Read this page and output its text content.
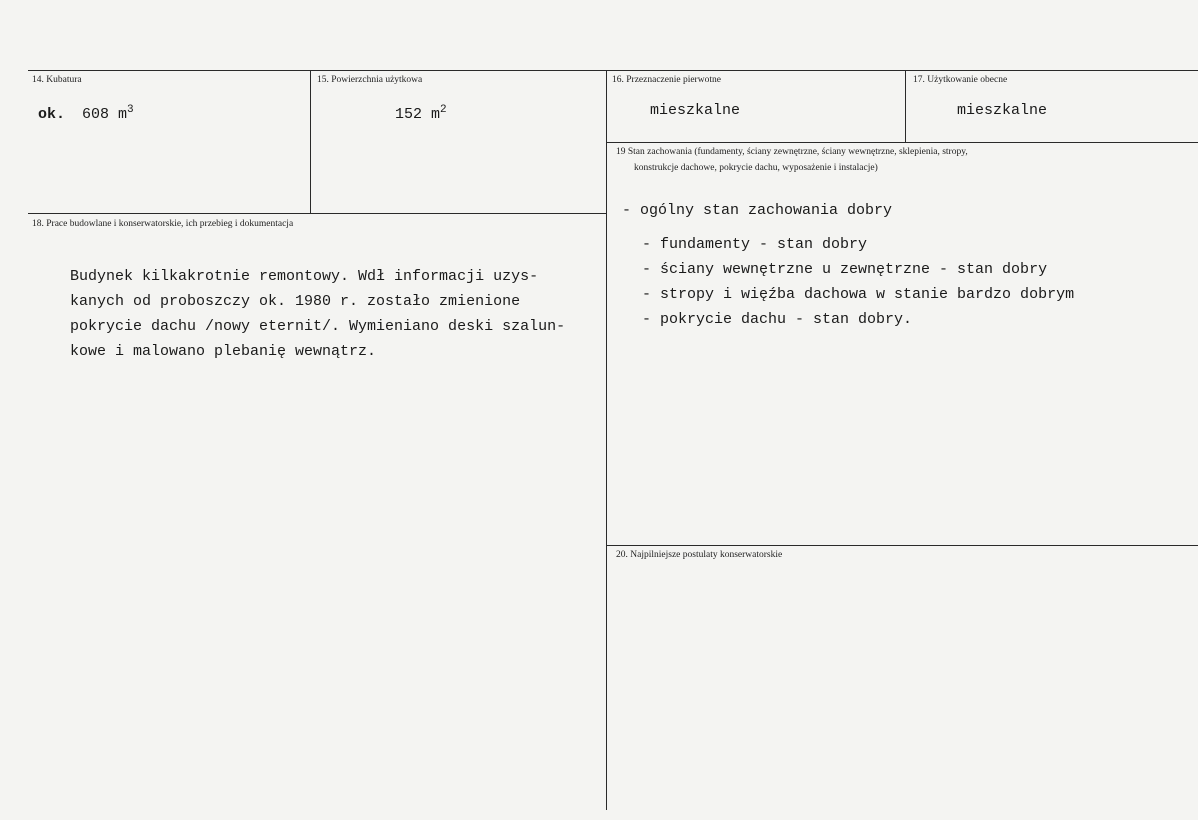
14. Kubatura
ok. 608 $m^3$
15. Powierzchnia użytkowa
152 $m^2$
16. Przeznaczenie pierwotne
mieszkalne
17. Użytkowanie obecne
mieszkalne
18. Prace budowlane i konserwatorskie, ich przebieg i dokumentacja

Budynek kilkakrotnie remontowy. Wdł informacji uzys-

kanych od proboszczy ok. 1980 r. zostało zmienione

pokrycie dachu /nowy eternit/. Wymieniano deski szalun-

kowe i malowano plebanię wewnątrz.

19 Stan zachowania (fundamenty, ściany zewnętrzne, ściany wewnętrzne, sklepienia, stropy,
konstrukcje dachowe, pokrycie dachu, wyposażenie i instalacje)
- ogólny stan zachowania dobry

- fundamenty - stan dobry

- ściany wewnętrzne u zewnętrzne - stan dobry

- stropy i więźba dachowa w stanie bardzo dobrym

- pokrycie dachu - stan dobry.

20. Najpilniejsze postulaty konserwatorskie
